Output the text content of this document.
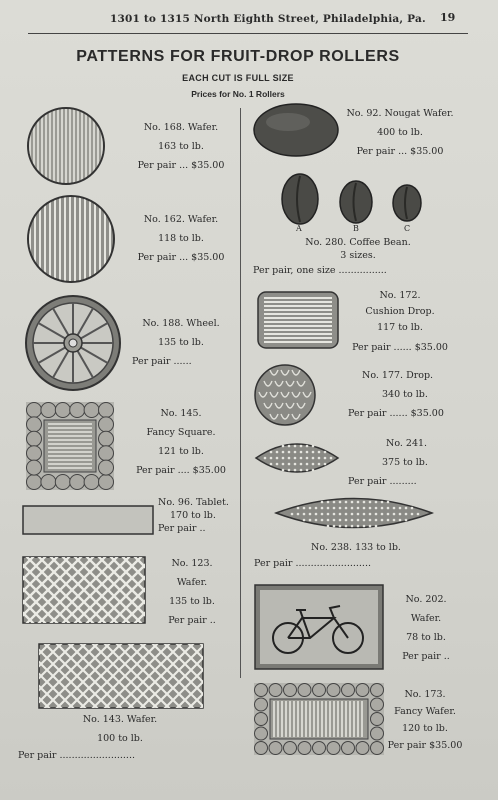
1301 to 1315 North Eighth Street, Philadelphia, Pa. 19
PATTERNS FOR FRUIT-DROP ROLLERS
EACH CUT IS FULL SIZE
Prices for No. 1 Rollers
No. 168. Wafer.
163 to lb.
Per pair ... $35.00
No. 162. Wafer.
118 to lb.
Per pair ... $35.00
No. 188. Wheel.
135 to lb.
Per pair ......
No. 145.
Fancy Square.
121 to lb.
Per pair .... $35.00
No. 96. Tablet.
170 to lb.
Per pair ..
No. 123.
Wafer.
135 to lb.
Per pair ..
No. 143. Wafer.
100 to lb.
Per pair .........................
No. 92. Nougat Wafer.
400 to lb.
Per pair ... $35.00
A	B	C
No. 280. Coffee Bean.
3 sizes.
Per pair, one size ................
No. 172.
Cushion Drop.
117 to lb.
Per pair ...... $35.00
No. 177. Drop.
340 to lb.
Per pair ...... $35.00
No. 241.
375 to lb.
Per pair .........
No. 238. 133 to lb.
Per pair .........................
No. 202.
Wafer.
78 to lb.
Per pair ..
No. 173.
Fancy Wafer.
120 to lb.
Per pair $35.00
